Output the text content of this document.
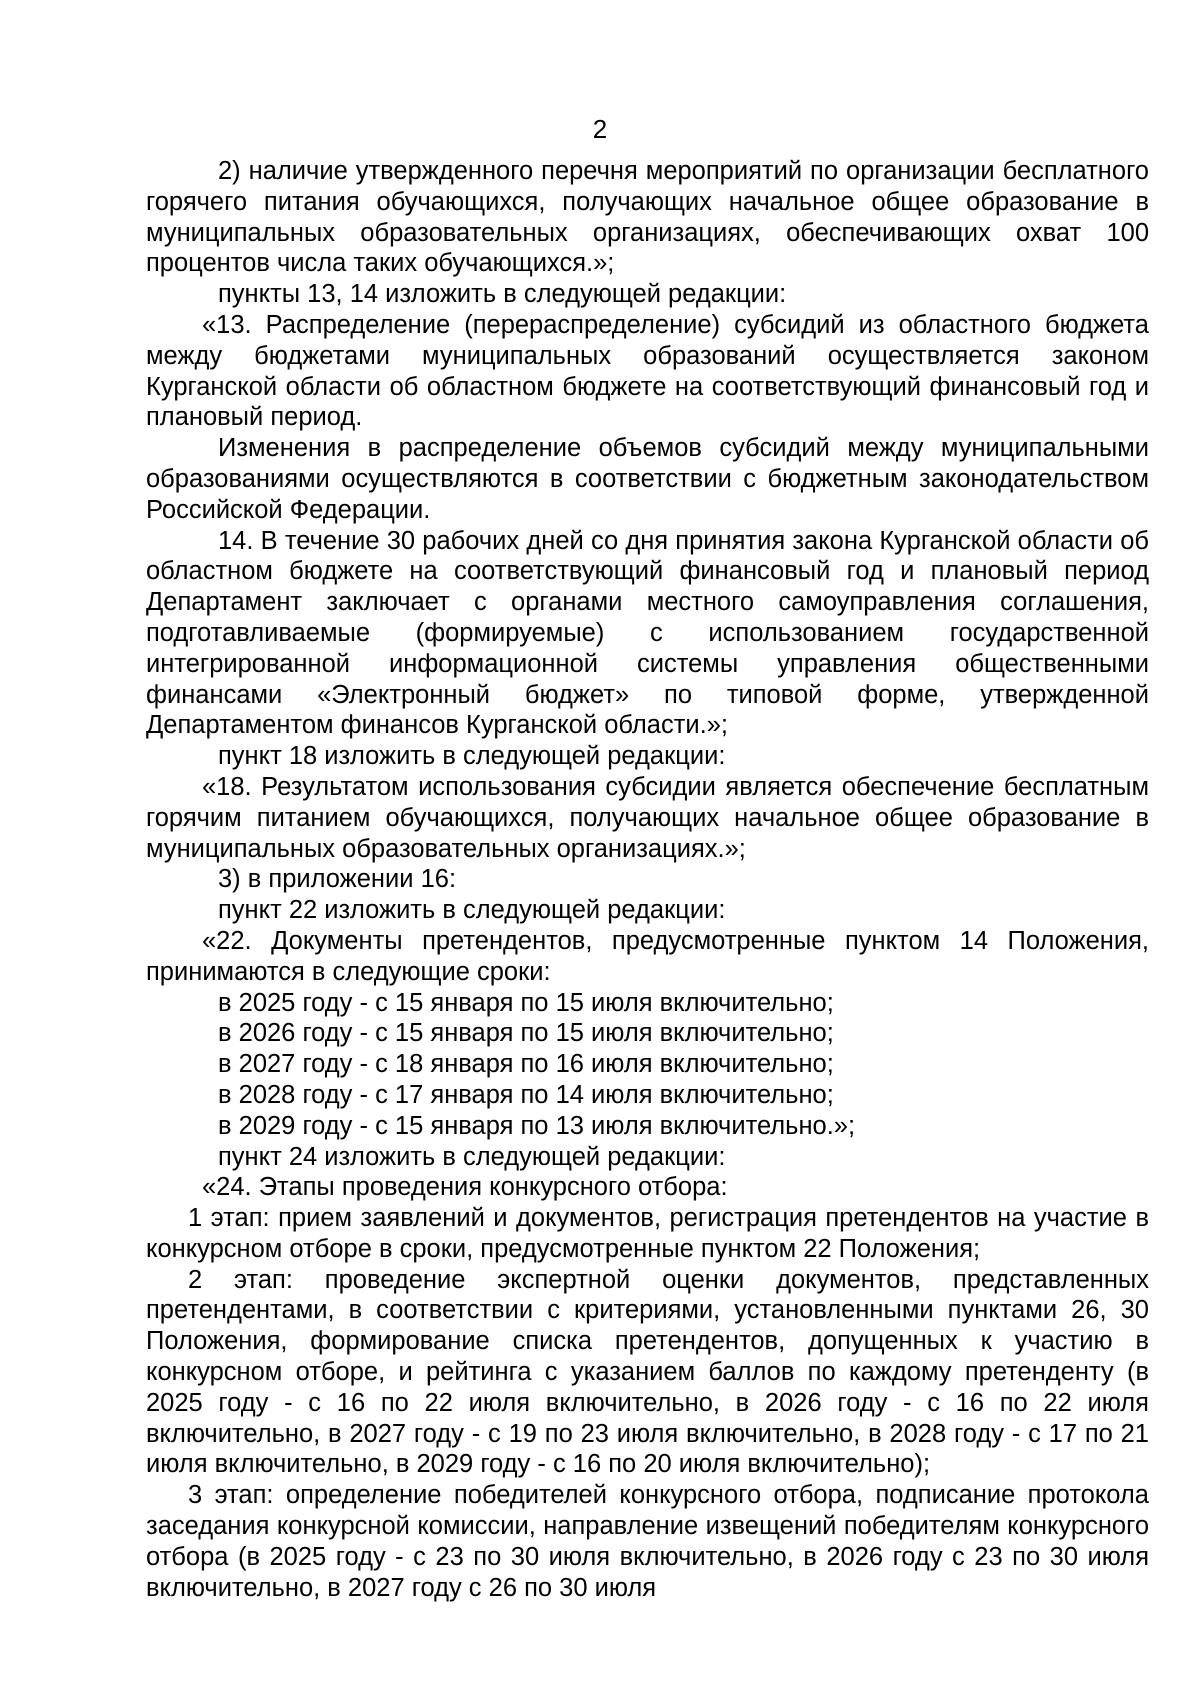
2

2) наличие утвержденного перечня мероприятий по организации бесплатного горячего питания обучающихся, получающих начальное общее образование в муниципальных образовательных организациях, обеспечивающих охват 100 процентов числа таких обучающихся.»;

пункты 13, 14 изложить в следующей редакции:

«13. Распределение (перераспределение) субсидий из областного бюджета между бюджетами муниципальных образований осуществляется законом Курганской области об областном бюджете на соответствующий финансовый год и плановый период.

Изменения в распределение объемов субсидий между муниципальными образованиями осуществляются в соответствии с бюджетным законодательством Российской Федерации.

14. В течение 30 рабочих дней со дня принятия закона Курганской области об областном бюджете на соответствующий финансовый год и плановый период Департамент заключает с органами местного самоуправления соглашения, подготавливаемые (формируемые) с использованием государственной интегрированной информационной системы управления общественными финансами «Электронный бюджет» по типовой форме, утвержденной Департаментом финансов Курганской области.»;

пункт 18 изложить в следующей редакции:

«18. Результатом использования субсидии является обеспечение бесплатным горячим питанием обучающихся, получающих начальное общее образование в муниципальных образовательных организациях.»;

3) в приложении 16:

пункт 22 изложить в следующей редакции:

«22. Документы претендентов, предусмотренные пунктом 14 Положения, принимаются в следующие сроки:

в 2025 году - с 15 января по 15 июля включительно;

в 2026 году - с 15 января по 15 июля включительно;

в 2027 году - с 18 января по 16 июля включительно;

в 2028 году - с 17 января по 14 июля включительно;

в 2029 году - с 15 января по 13 июля включительно.»;

пункт 24 изложить в следующей редакции:

«24. Этапы проведения конкурсного отбора:

1 этап: прием заявлений и документов, регистрация претендентов на участие в конкурсном отборе в сроки, предусмотренные пунктом 22 Положения;

2 этап: проведение экспертной оценки документов, представленных претендентами, в соответствии с критериями, установленными пунктами 26, 30 Положения, формирование списка претендентов, допущенных к участию в конкурсном отборе, и рейтинга с указанием баллов по каждому претенденту (в 2025 году - с 16 по 22 июля включительно, в 2026 году - с 16 по 22 июля включительно, в 2027 году - с 19 по 23 июля включительно, в 2028 году - с 17 по 21 июля включительно, в 2029 году - с 16 по 20 июля включительно);

3 этап: определение победителей конкурсного отбора, подписание протокола заседания конкурсной комиссии, направление извещений победителям конкурсного отбора (в 2025 году - с 23 по 30 июля включительно, в 2026 году с 23 по 30 июля включительно, в 2027 году с 26 по 30 июля
